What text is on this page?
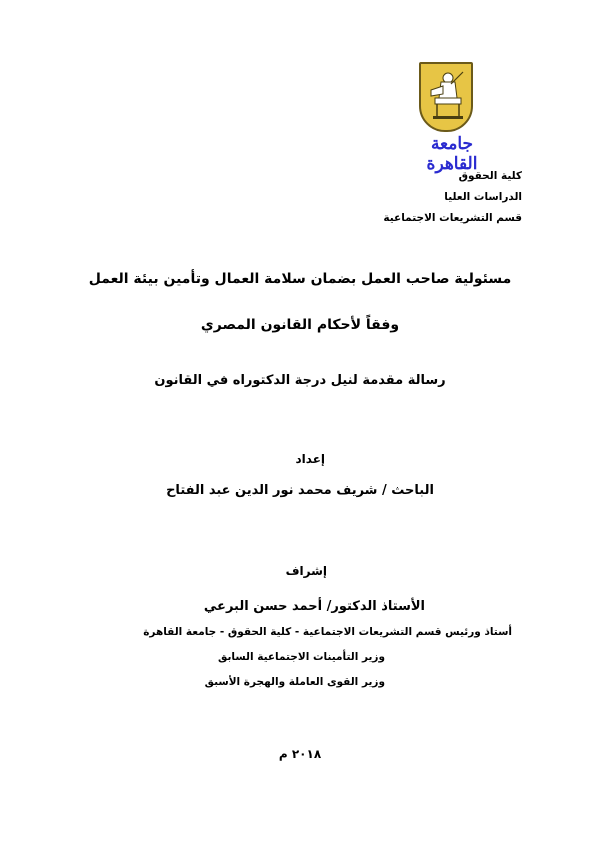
جامعة القاهرة
كلية الحقوق
الدراسات العليا
قسم التشريعات الاجتماعية
مسئولية صاحب العمل بضمان سلامة العمال وتأمين بيئة العمل
وفقاً لأحكام القانون المصري
رسالة مقدمة لنيل درجة الدكتوراه في القانون
إعداد
الباحث / شريف محمد نور الدين عبد الفتاح
إشراف
الأستاذ الدكتور/ أحمد حسن البرعي
أستاذ ورئيس قسم التشريعات الاجتماعية - كلية الحقوق - جامعة القاهرة
وزير التأمينات الاجتماعية السابق
وزير القوى العاملة والهجرة الأسبق
٢٠١٨ م
